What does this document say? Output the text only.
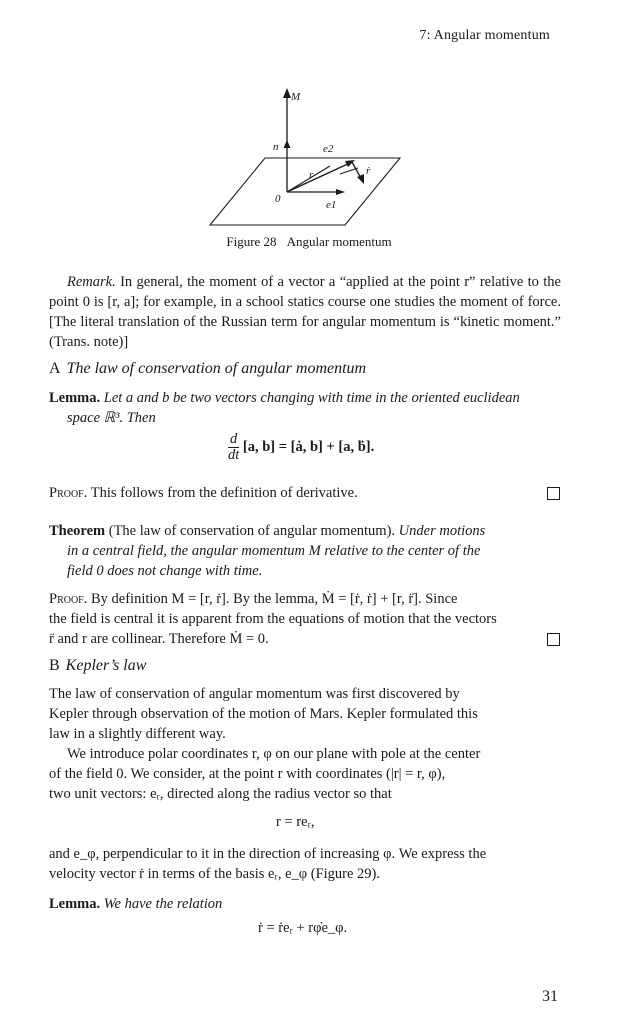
7: Angular momentum
M
n	e2
r	ṙ
0	e1
Figure 28 Angular momentum
Remark. In general, the moment of a vector a “applied at the point r” relative to the point 0 is [r, a]; for example, in a school statics course one studies the moment of force. [The literal translation of the Russian term for angular momentum is “kinetic moment.” (Trans. note)]
A The law of conservation of angular momentum
Lemma. Let a and b be two vectors changing with time in the oriented euclidean
space ℝ³. Then
$\frac{d}{dt} [a$, b] = [ȧ, b] + [a, ḃ].
Proof. This follows from the definition of derivative.
Theorem (The law of conservation of angular momentum). Under motions
in a central field, the angular momentum M relative to the center of the
field 0 does not change with time.
Proof. By definition M = [r, ṙ]. By the lemma, Ṁ = [ṙ, ṙ] + [r, r̈]. Since
the field is central it is apparent from the equations of motion that the vectors
r̈ and r are collinear. Therefore Ṁ = 0.
B Kepler’s law
The law of conservation of angular momentum was first discovered by
Kepler through observation of the motion of Mars. Kepler formulated this
law in a slightly different way.
We introduce polar coordinates r, φ on our plane with pole at the center
of the field 0. We consider, at the point r with coordinates (|r| = r, φ),
two unit vectors: eᵣ, directed along the radius vector so that
r = reᵣ,
and e_φ, perpendicular to it in the direction of increasing φ. We express the
velocity vector ṙ in terms of the basis eᵣ, e_φ (Figure 29).
Lemma. We have the relation
ṙ = ṙeᵣ + rφ̇e_φ.
31
